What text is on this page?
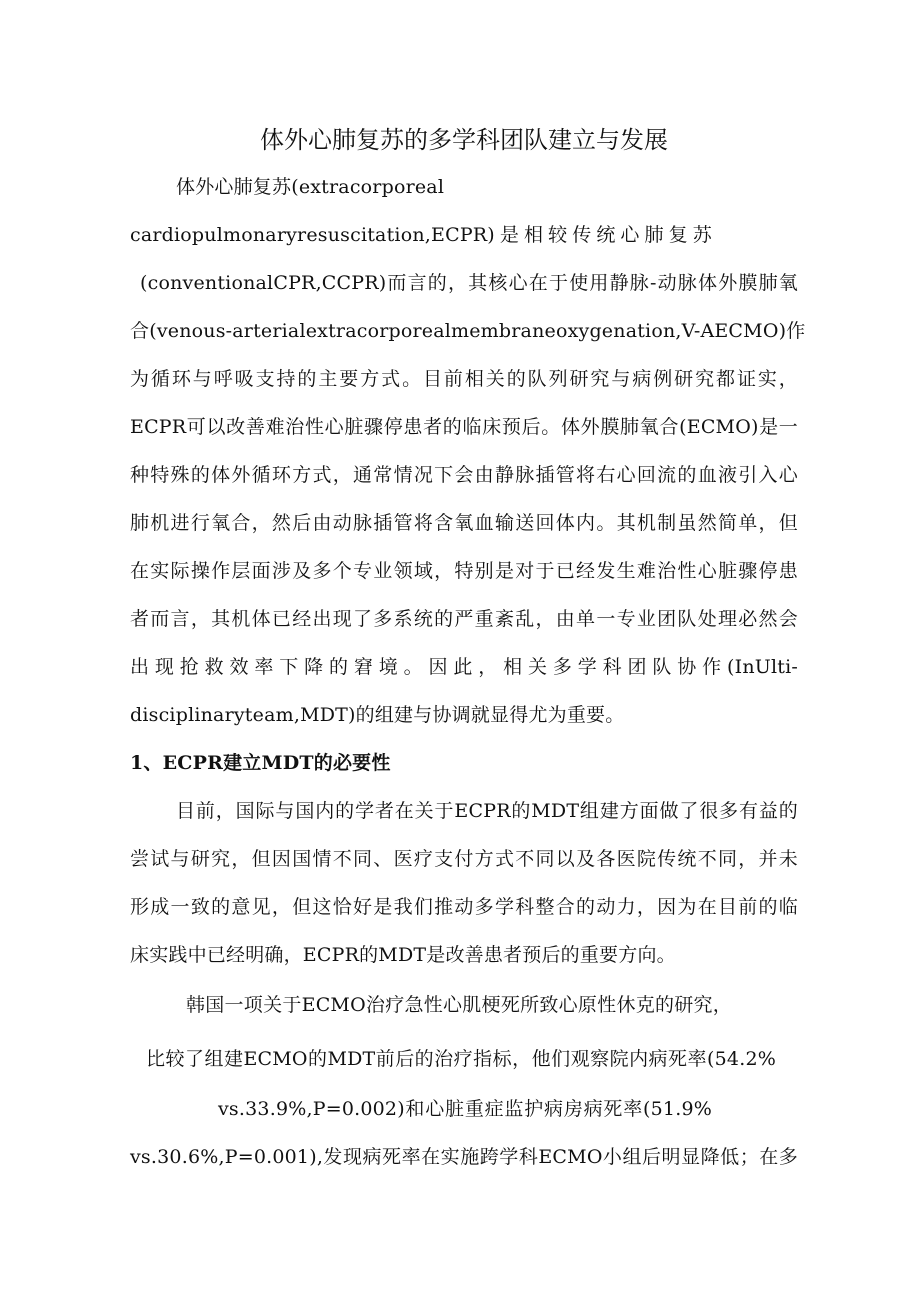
体外心肺复苏的多学科团队建立与发展
体外心肺复苏(extracorporeal
cardiopulmonaryresuscitation,ECPR)是相较传统心肺复苏
(conventionalCPR,CCPR)而言的，其核心在于使用静脉-动脉体外膜肺氧
合(venous-arterialextracorporealmembraneoxygenation,V-AECMO)作
为循环与呼吸支持的主要方式。目前相关的队列研究与病例研究都证实，
ECPR可以改善难治性心脏骤停患者的临床预后。体外膜肺氧合(ECMO)是一
种特殊的体外循环方式，通常情况下会由静脉插管将右心回流的血液引入心
肺机进行氧合，然后由动脉插管将含氧血输送回体内。其机制虽然简单，但
在实际操作层面涉及多个专业领域，特别是对于已经发生难治性心脏骤停患
者而言，其机体已经出现了多系统的严重紊乱，由单一专业团队处理必然会
出现抢救效率下降的窘境。因此，相关多学科团队协作(InUlti-
disciplinaryteam,MDT)的组建与协调就显得尤为重要。
1、ECPR建立MDT的必要性
目前，国际与国内的学者在关于ECPR的MDT组建方面做了很多有益的
尝试与研究，但因国情不同、医疗支付方式不同以及各医院传统不同，并未
形成一致的意见，但这恰好是我们推动多学科整合的动力，因为在目前的临
床实践中已经明确，ECPR的MDT是改善患者预后的重要方向。
韩国一项关于ECMO治疗急性心肌梗死所致心原性休克的研究，
比较了组建ECMO的MDT前后的治疗指标，他们观察院内病死率(54.2%
vs.33.9%,P=0.002)和心脏重症监护病房病死率(51.9%
vs.30.6%,P=0.001),发现病死率在实施跨学科ECMO小组后明显降低；在多
